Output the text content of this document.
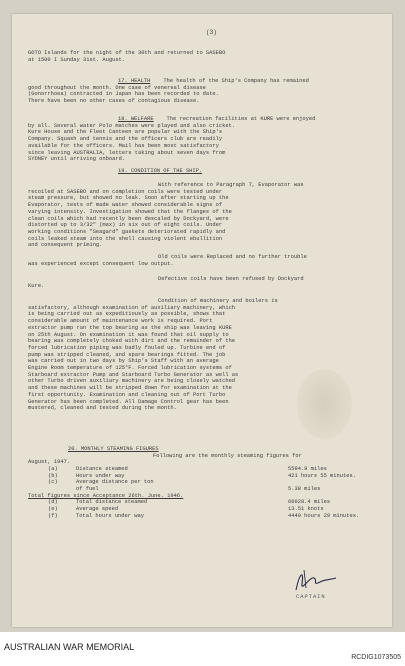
(3)

GOTO Islands for the night of the 30th and returned to SASEBO

at 1500 I Sunday 31st. August.

17. HEALTH The health of the Ship's Company has remained

good throughout the month. One case of venereal disease

(Gonorrhoea) contracted in Japan has been recorded to date.

There have been no other cases of contagious disease.

18. WELFARE The recreation facilities at KURE were enjoyed

by all. Several water Polo matches were played and also cricket.

Kure House and the Fleet Canteen are popular with the Ship's

Company. Squash and tennis and the officers club are readily

available for the officers. Mail has been most satisfactory

since leaving AUSTRALIA, letters taking about seven days from

SYDNEY until arriving onboard.

19. CONDITION OF THE SHIP.

With reference to Paragraph 7, Evaporator was

recoiled at SASEBO and on completion coils were tested under

steam pressure, but showed no leak. Soon after starting up the

Evaporator, tests of made water showed considerable signs of

varying intensity. Investigation showed that the flanges of the

clean coils which had recently been descaled by Dockyard, were

distorted up to 3/32" (max) in six out of eight coils. Under

working conditions "Seagard" gaskets deteriorated rapidly and

coils leaked steam into the shell causing violent ebullition

and consequent priming.

Old coils were Replaced and no further trouble

was experienced except consequent low output.

Defective coils have been refused by Dockyard

Kure.

Condition of machinery and boilers is

satisfactory, although examination of auxiliary machinery, which

is being carried out as expeditiously as possible, shows that

considerable amount of maintenance work is required. Port

extractor pump ran the top bearing as the ship was leaving KURE

on 25th August. On examination it was found that oil supply to

bearing was completely choked with dirt and the remainder of the

forced lubrication piping was badly fouled up. Turbine end of

pump was stripped cleaned, and spare bearings fitted. The job

was carried out in two days by Ship's Staff with an average

Engine Room temperature of 125°F. Forced lubrication systems of

Starboard extractor Pump and Starboard Turbo Generator as well as

other Turbo driven auxiliary machinery are being closely watched

and these machines will be stripped down for examination at the

first opportunity. Examination and cleaning out of Port Turbo

Generator has been completed. All Damage Control gear has been

mustered, cleaned and tested during the month.

20. MONTHLY STEAMING FIGURES

Following are the monthly steaming figures for

August, 1947.

(a)	Distance steamed	5594.9 miles
(b)	Hours under way	421 hours 55 minutes.
(c)	Average distance per ton
of fuel	5.38 miles
Total figures since Acceptance 26th. June. 1946.
(d)	Total distance steamed	60028.4 miles
(e)	Average speed	13.51 knots
(f)	Total hours under way	4449 hours 29 minutes.
CAPTAIN
AUSTRALIAN WAR MEMORIAL
RCDIG1073505
